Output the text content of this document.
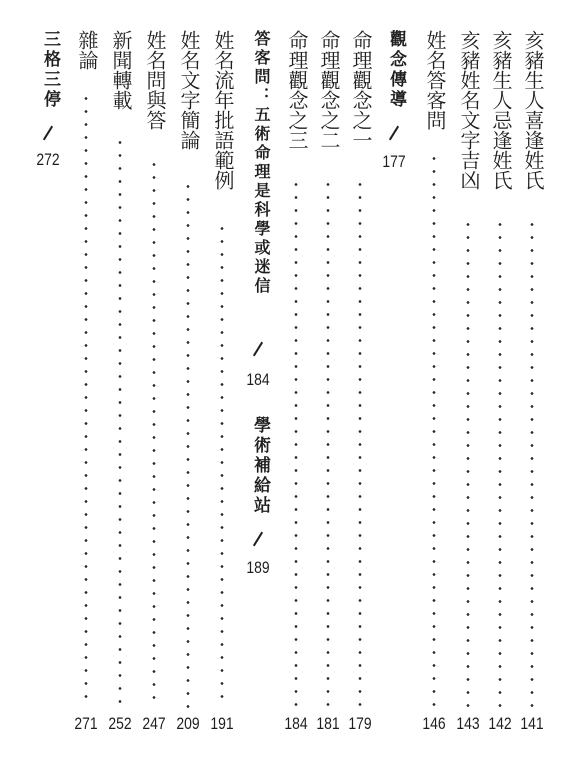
亥豬生人喜逢姓氏
141
亥豬生人忌逢姓氏
142
亥豬姓名文字吉凶
143
姓名答客問
146
觀念傳導
177
命理觀念之一
179
命理觀念之二
181
命理觀念之三
184
答客問：五術命理是科學或迷信
184
學術補給站
189
姓名流年批語範例
191
姓名文字簡論
209
姓名問與答
247
新聞轉載
252
雜論
271
三格三停
272
